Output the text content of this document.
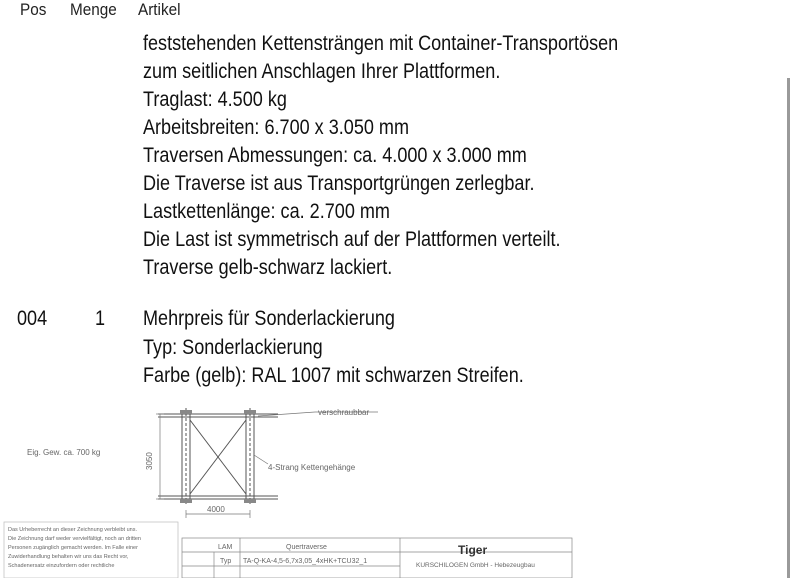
Pos Menge Artikel
feststehenden Kettensträngen mit Container-Transportösen
zum seitlichen Anschlagen Ihrer Plattformen.
Traglast: 4.500 kg
Arbeitsbreiten: 6.700 x 3.050 mm
Traversen Abmessungen: ca. 4.000 x 3.000 mm
Die Traverse ist aus Transportgrüngen zerlegbar.
Lastkettenlänge: ca. 2.700 mm
Die Last ist symmetrisch auf der Plattformen verteilt.
Traverse gelb-schwarz lackiert.
004 1 Mehrpreis für Sonderlackierung
Typ: Sonderlackierung
Farbe (gelb): RAL 1007 mit schwarzen Streifen.
Eig. Gew. ca. 700 kg
verschraubbar
4-Strang Kettengehänge
3050
4000
Das Urheberrecht an dieser Zeichnung verbleibt uns.
Die Zeichnung darf weder vervielfältigt, noch an dritten
Personen zugänglich gemacht werden. Im Falle einer
Zuwiderhandlung behalten wir uns das Recht vor,
Schadenersatz einzufordern oder rechtliche
LAM	Quertraverse
Typ TA-Q-KA-4,5-6,7x3,05_4xHK+TCU32_1
Tiger
KURSCHILOGEN GmbH - Hebezeugbau
